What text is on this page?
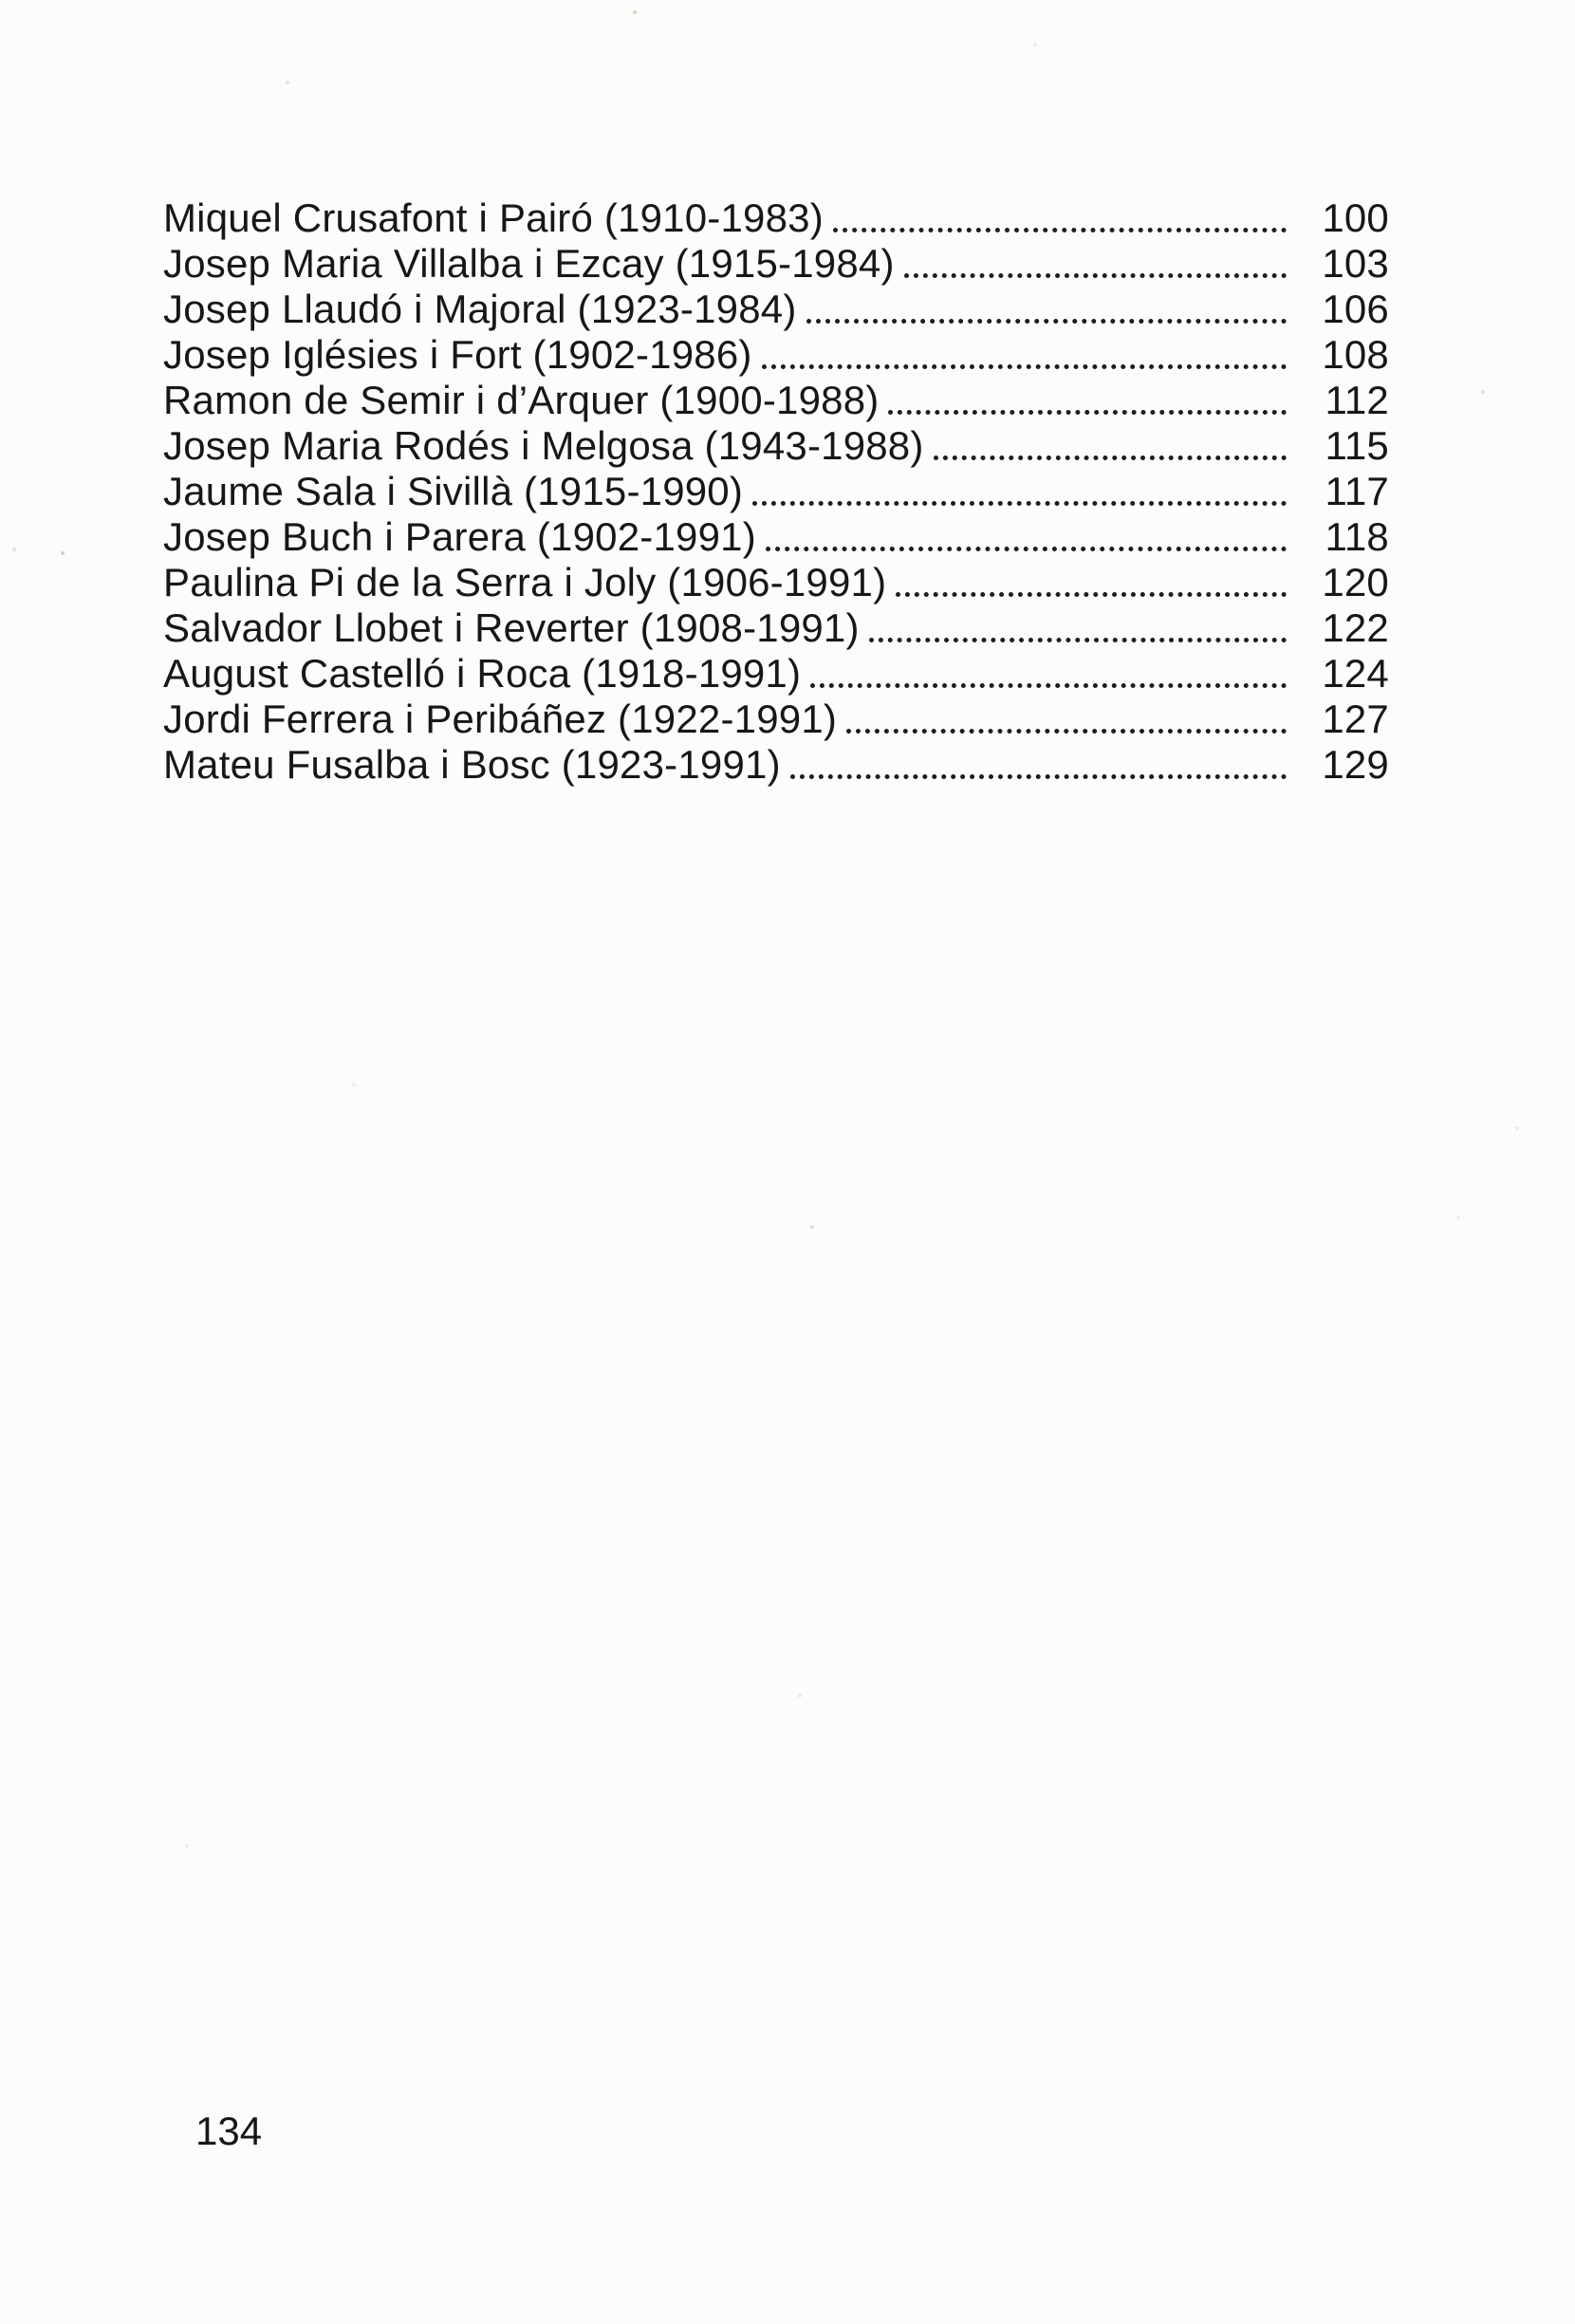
Miquel Crusafont i Pairó (1910-1983)	100
Josep Maria Villalba i Ezcay (1915-1984)	103
Josep Llaudó i Majoral (1923-1984)	106
Josep Iglésies i Fort (1902-1986)	108
Ramon de Semir i d’Arquer (1900-1988)	112
Josep Maria Rodés i Melgosa (1943-1988)	115
Jaume Sala i Sivillà (1915-1990)	117
Josep Buch i Parera (1902-1991)	118
Paulina Pi de la Serra i Joly (1906-1991)	120
Salvador Llobet i Reverter (1908-1991)	122
August Castelló i Roca (1918-1991)	124
Jordi Ferrera i Peribáñez (1922-1991)	127
Mateu Fusalba i Bosc (1923-1991)	129
134
